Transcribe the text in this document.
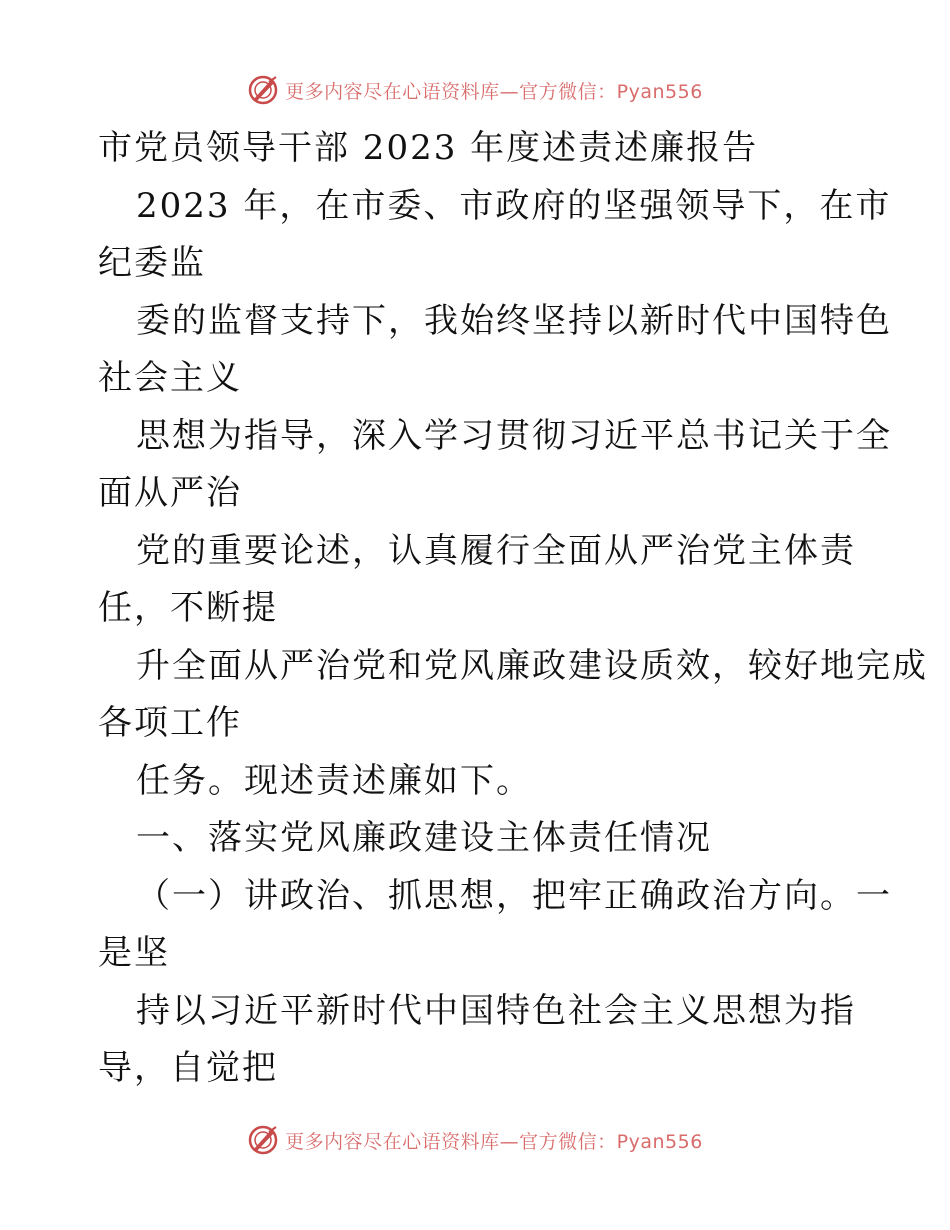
更多内容尽在心语资料库—官方微信：Pyan556
市党员领导干部 2023 年度述责述廉报告
2023 年，在市委、市政府的坚强领导下，在市
纪委监
委的监督支持下，我始终坚持以新时代中国特色
社会主义
思想为指导，深入学习贯彻习近平总书记关于全
面从严治
党的重要论述，认真履行全面从严治党主体责
任，不断提
升全面从严治党和党风廉政建设质效，较好地完成
各项工作
任务。现述责述廉如下。
一、落实党风廉政建设主体责任情况
（一）讲政治、抓思想，把牢正确政治方向。一
是坚
持以习近平新时代中国特色社会主义思想为指
导，自觉把
更多内容尽在心语资料库—官方微信：Pyan556
